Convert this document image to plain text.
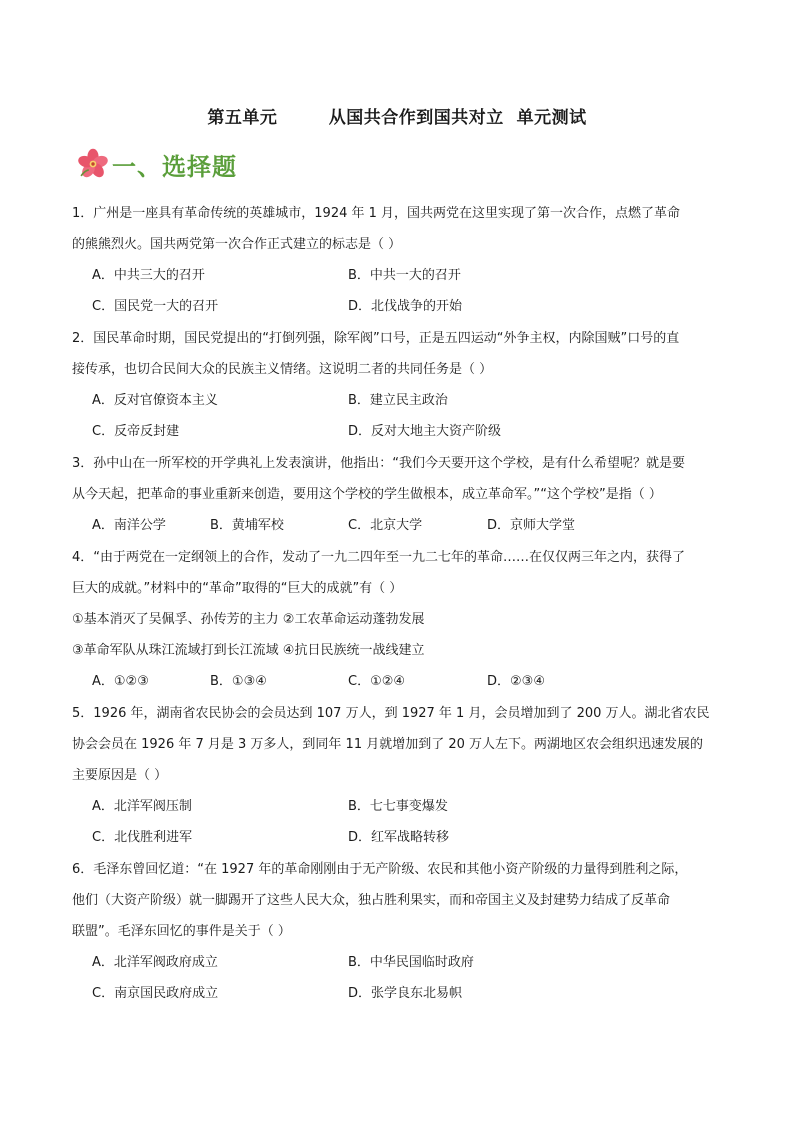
第五单元        从国共合作到国共对立  单元测试
一、选择题

1．广州是一座具有革命传统的英雄城市，1924 年 1 月，国共两党在这里实现了第一次合作，点燃了革命

的熊熊烈火。国共两党第一次合作正式建立的标志是（ ）

A．中共三大的召开	B．中共一大的召开
C．国民党一大的召开	D．北伐战争的开始

2．国民革命时期，国民党提出的“打倒列强，除军阀”口号，正是五四运动“外争主权，内除国贼”口号的直

接传承，也切合民间大众的民族主义情绪。这说明二者的共同任务是（ ）

A．反对官僚资本主义	B．建立民主政治
C．反帝反封建	D．反对大地主大资产阶级

3．孙中山在一所军校的开学典礼上发表演讲，他指出：“我们今天要开这个学校，是有什么希望呢？就是要

从今天起，把革命的事业重新来创造，要用这个学校的学生做根本，成立革命军。”“这个学校”是指（ ）

A．南洋公学	B．黄埔军校	C．北京大学	D．京师大学堂

4．“由于两党在一定纲领上的合作，发动了一九二四年至一九二七年的革命……在仅仅两三年之内，获得了

巨大的成就。”材料中的“革命”取得的“巨大的成就”有（ ）

①基本消灭了吴佩孚、孙传芳的主力 ②工农革命运动蓬勃发展
③革命军队从珠江流域打到长江流域 ④抗日民族统一战线建立
A．①②③	B．①③④	C．①②④	D．②③④

5．1926 年，湖南省农民协会的会员达到 107 万人，到 1927 年 1 月，会员增加到了 200 万人。湖北省农民

协会会员在 1926 年 7 月是 3 万多人，到同年 11 月就增加到了 20 万人左下。两湖地区农会组织迅速发展的

主要原因是（ ）

A．北洋军阀压制	B．七七事变爆发
C．北伐胜利进军	D．红军战略转移

6．毛泽东曾回忆道：“在 1927 年的革命刚刚由于无产阶级、农民和其他小资产阶级的力量得到胜利之际，

他们（大资产阶级）就一脚踢开了这些人民大众，独占胜利果实，而和帝国主义及封建势力结成了反革命

联盟”。毛泽东回忆的事件是关于（ ）

A．北洋军阀政府成立	B．中华民国临时政府
C．南京国民政府成立	D．张学良东北易帜
